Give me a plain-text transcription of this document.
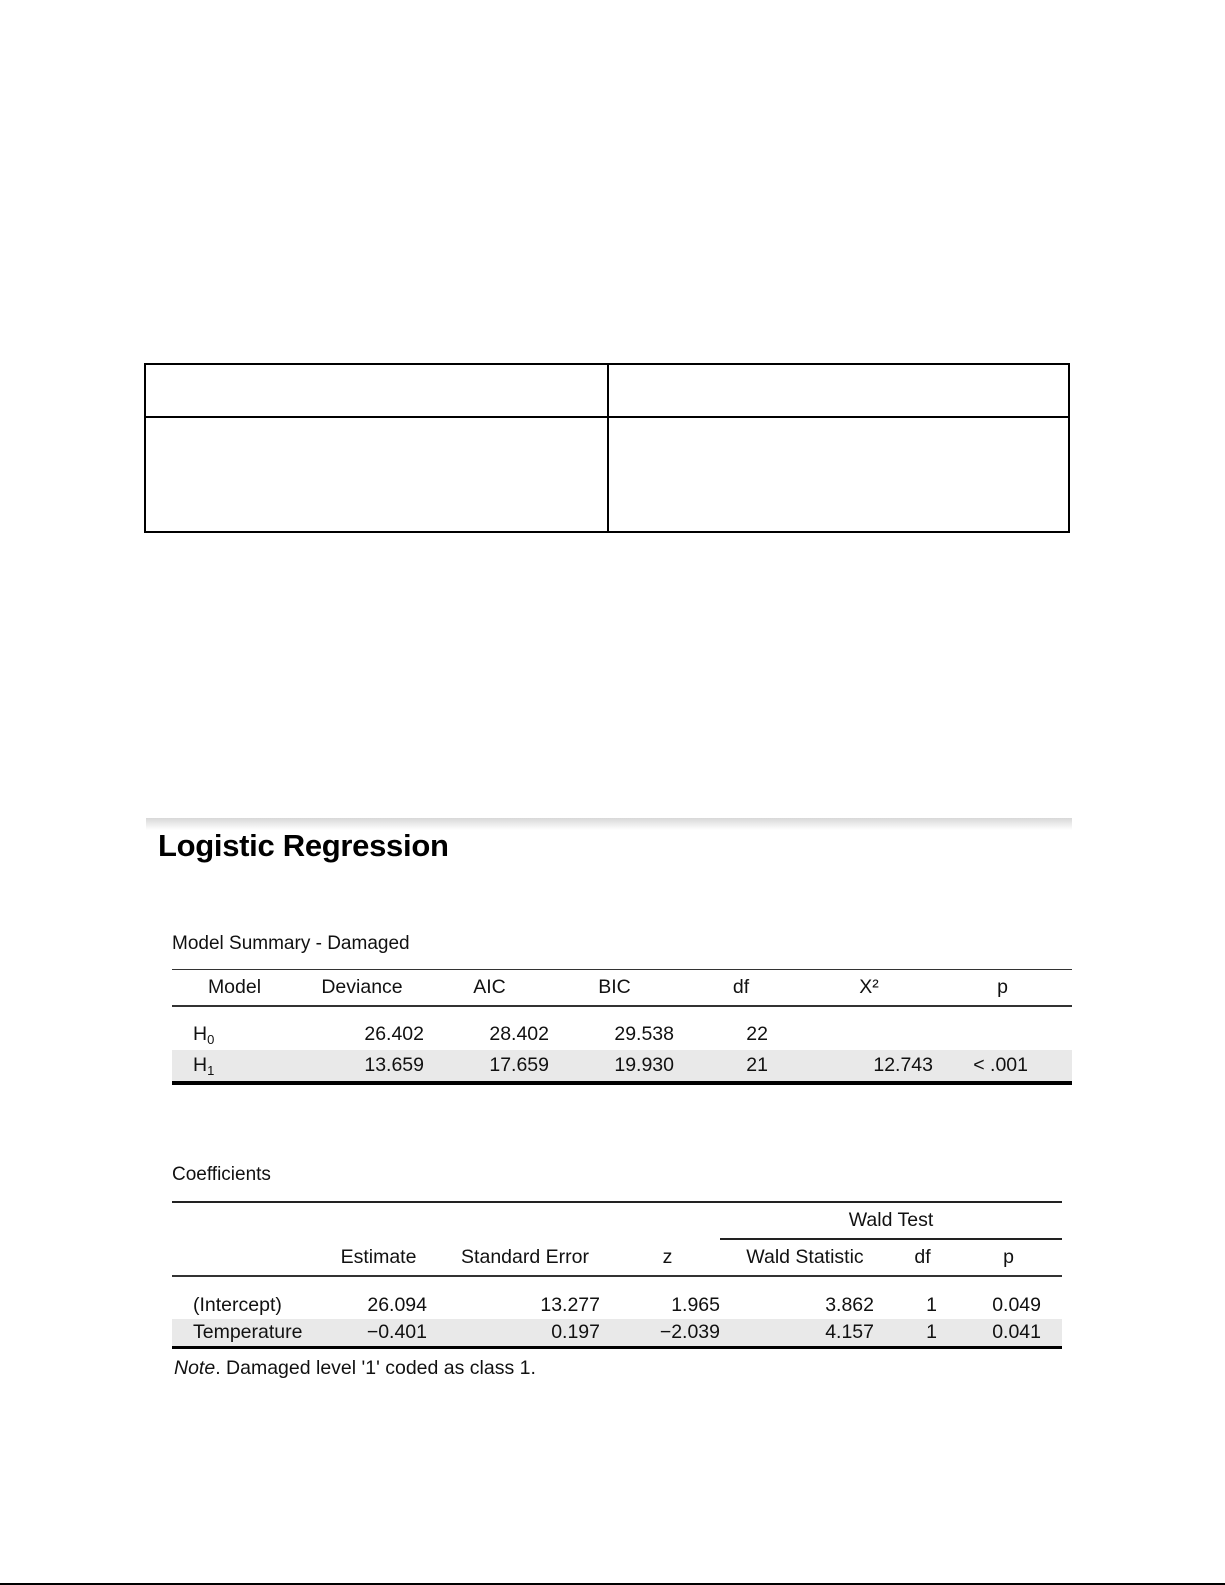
Logistic Regression
Model Summary - Damaged
Model	Deviance	AIC	BIC	df	X²	p

$H_0$	26.402	28.402	29.538	22		
$H_1$	13.659	17.659	19.930	21	12.743	< .001
Coefficients
				Wald Test		
	Estimate	Standard Error	z	Wald Statistic	df	p

(Intercept)	26.094	13.277	1.965	3.862	1	0.049
Temperature	−0.401	0.197	−2.039	4.157	1	0.041
Note. Damaged level '1' coded as class 1.
